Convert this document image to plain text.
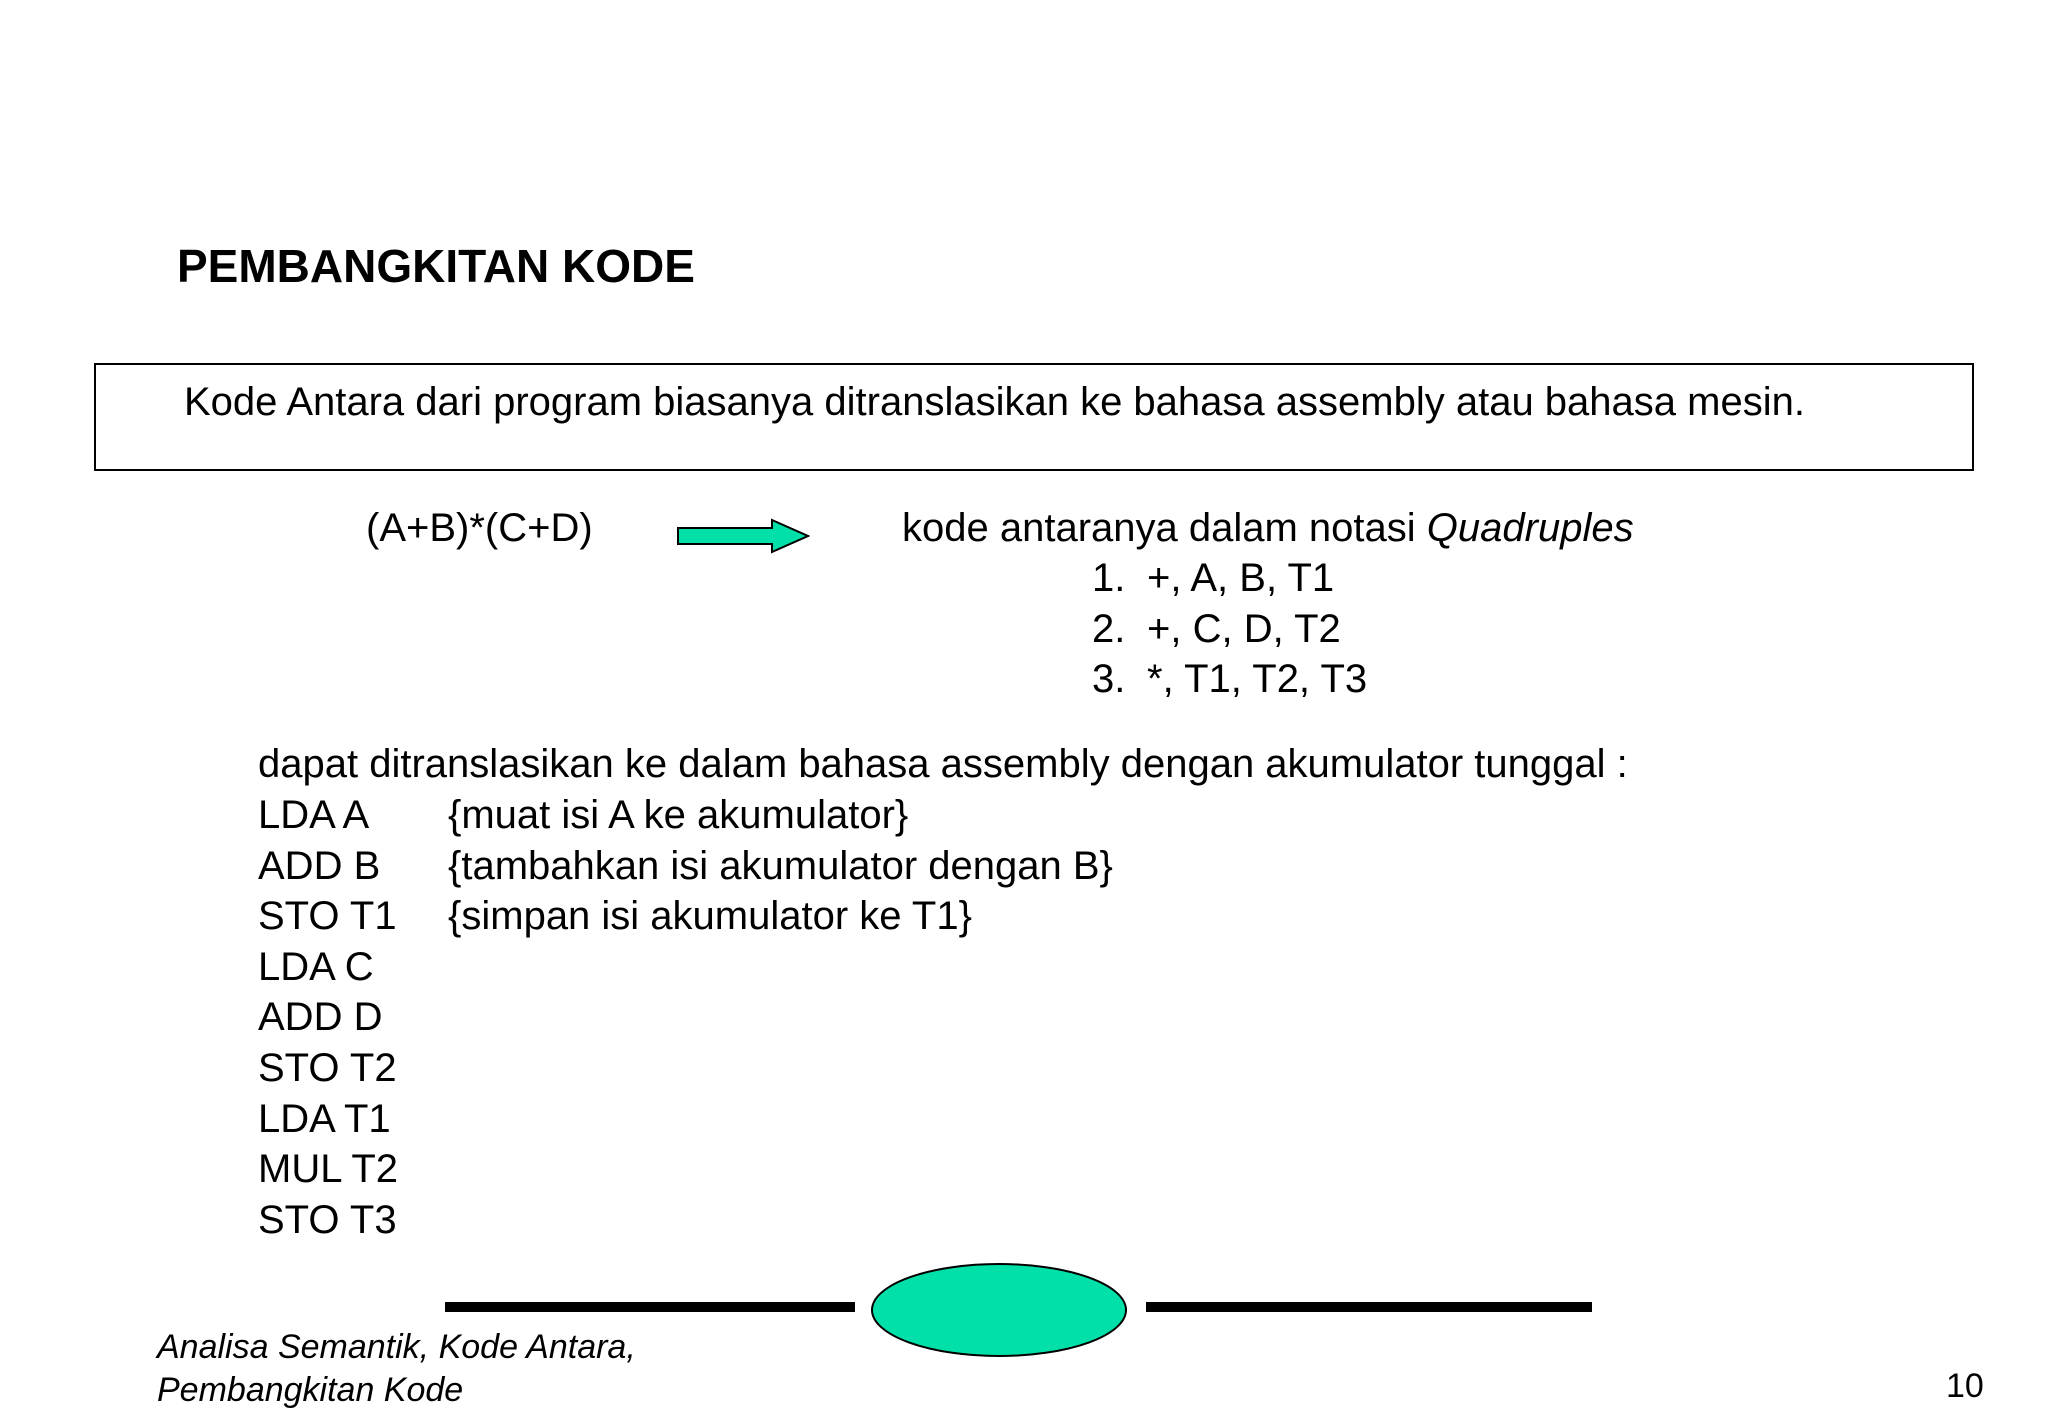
PEMBANGKITAN KODE
Kode Antara dari program biasanya ditranslasikan ke bahasa assembly atau bahasa mesin.
(A+B)*(C+D)	kode antaranya dalam notasi Quadruples
1. +, A, B, T1
2. +, C, D, T2
3. *, T1, T2, T3
dapat ditranslasikan ke dalam bahasa assembly dengan akumulator tunggal :
LDA A {muat isi A ke akumulator}
ADD B {tambahkan isi akumulator dengan B}
STO T1 {simpan isi akumulator ke T1}
LDA C
ADD D
STO T2
LDA T1
MUL T2
STO T3
Analisa Semantik, Kode Antara,
Pembangkitan Kode	10
